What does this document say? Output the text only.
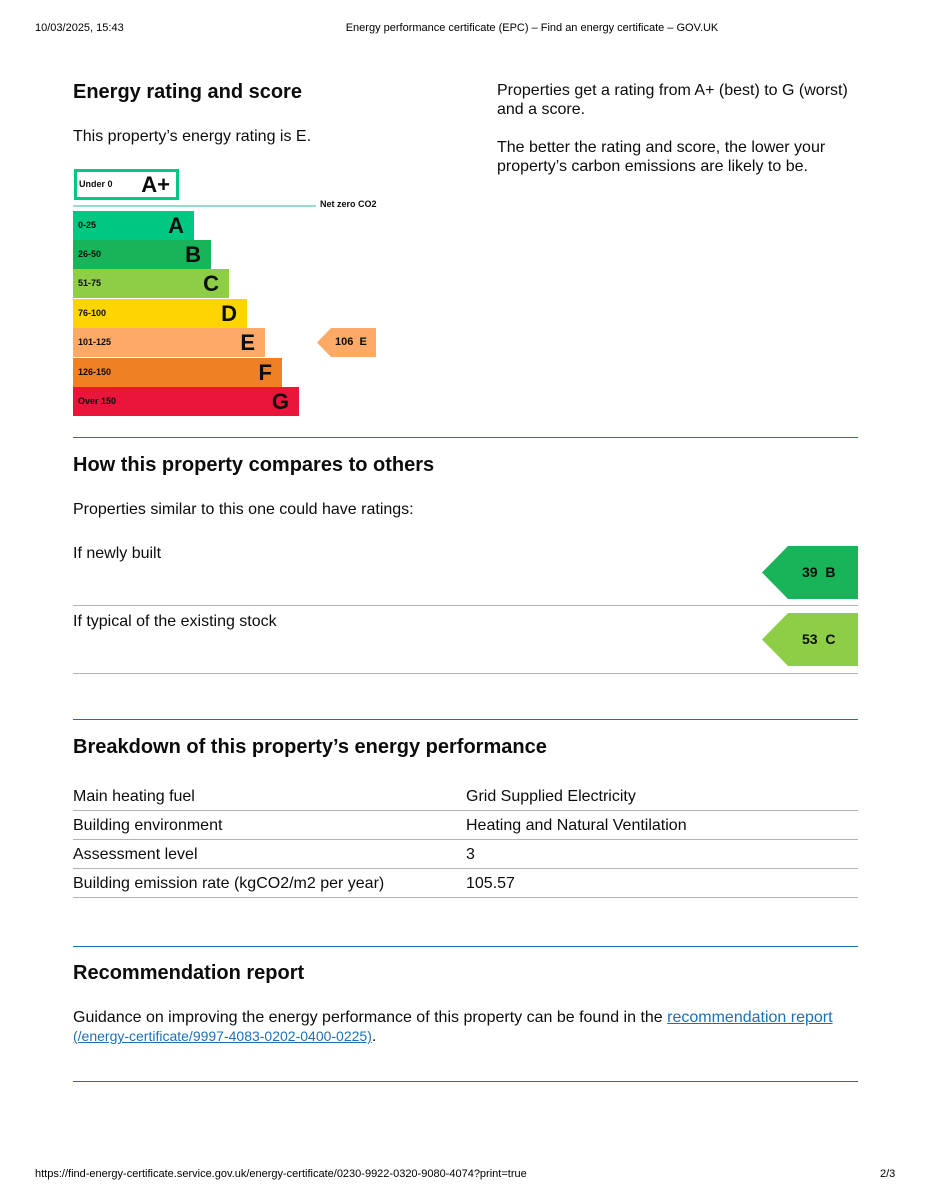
10/03/2025, 15:43	Energy performance certificate (EPC) – Find an energy certificate – GOV.UK
Energy rating and score

This property’s energy rating is E.

Properties get a rating from A+ (best) to G (worst) and a score.

The better the rating and score, the lower your property’s carbon emissions are likely to be.

Under 0 A+
Net zero CO2
0-25	A
26-50	B
51-75	C
76-100	D
101-125	E
126-150	F
Over 150	G
106 E
How this property compares to others

Properties similar to this one could have ratings:

If newly built

39 B

If typical of the existing stock

53 C
Breakdown of this property’s energy performance
Main heating fuel	Grid Supplied Electricity
Building environment	Heating and Natural Ventilation
Assessment level	3
Building emission rate (kgCO2/m2 per year)	105.57
Recommendation report

Guidance on improving the energy performance of this property can be found in the recommendation report
(/energy-certificate/9997-4083-0202-0400-0225).

https://find-energy-certificate.service.gov.uk/energy-certificate/0230-9922-0320-9080-4074?print=true	2/3
